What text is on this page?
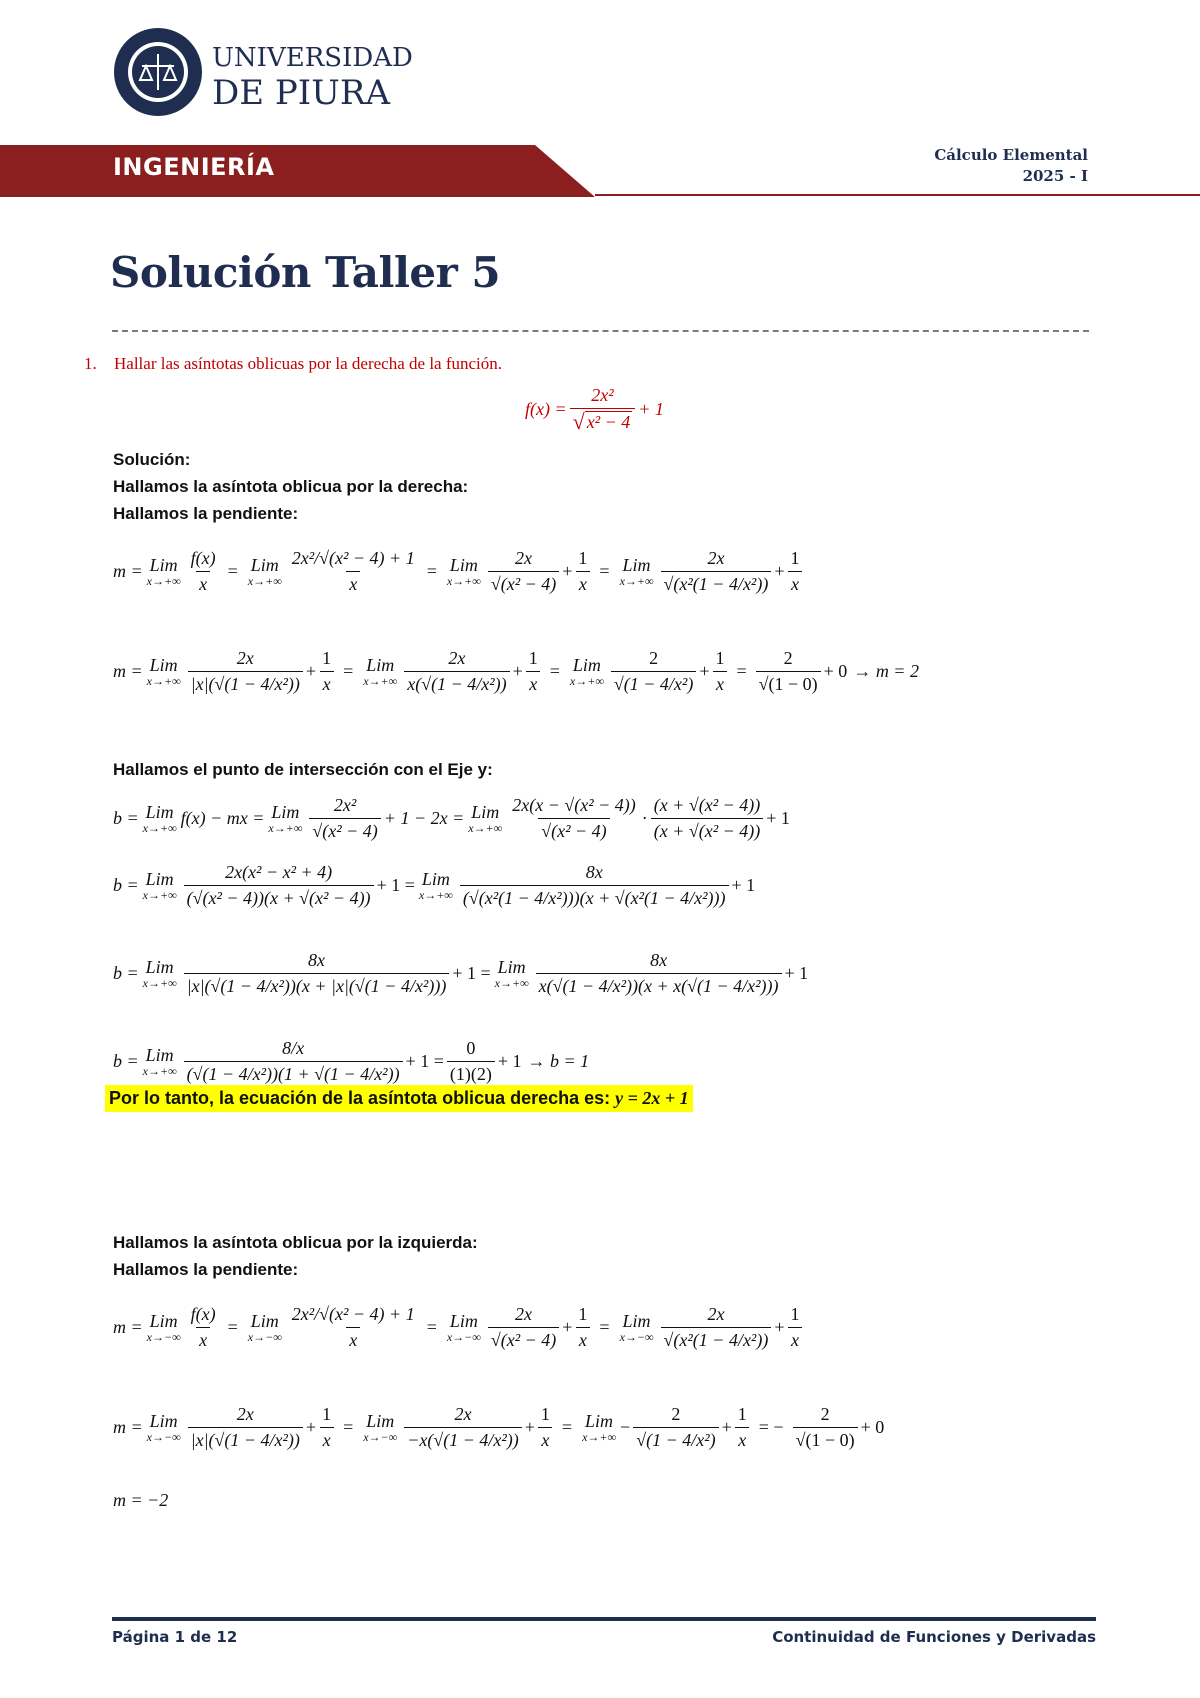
UNIVERSIDAD
DE PIURA
INGENIERÍA	Cálculo Elemental
2025 - I
Solución Taller 5
1. Hallar las asíntotas oblicuas por la derecha de la función.
$f(x) = \frac{\text{2x²}}{\text{√ x² − 4}} + 1$
Solución:
Hallamos la asíntota oblicua por la derecha:
Hallamos la pendiente:
m = Lim
$x\to+\infty \frac{f(x)}{x}$ = Lim
$x\to+\infty \frac{\text{2x²/√(x² − 4) + 1}}{x}$ = Lim
$x\to+\infty \frac{2x}{\text{√(x² − 4)}} + \frac{1}{x}$ = Lim
$x\to+\infty \frac{2x}{\text{√(x²(1 − 4/x²))}} + \frac{1}{x}$
m = Lim
$x\to+\infty \frac{2x}{\text{|x|(√(1 − 4/x²))}} + \frac{1}{x}$ = Lim
$x\to+\infty \frac{2x}{\text{x(√(1 − 4/x²))}} + \frac{1}{x}$ = Lim
$x\to+\infty \frac{2}{\text{√(1 − 4/x²)}} + \frac{1}{x} = \frac{2}{√(1 - 0)} + 0 \to m = 2$
Hallamos el punto de intersección con el Eje y:
b = Lim
x→+∞ f(x) − mx = Lim
$x\to+\infty \frac{\text{2x²}}{\text{√(x² − 4)}} + 1 - 2x$ = Lim
$x\to+\infty \frac{\text{2x(x − √(x² − 4))}}{\text{√(x² − 4)}} \cdot \frac{\text{(x + √(x² − 4))}}{\text{(x + √(x² − 4))}} + 1$
b = Lim
$x\to+\infty \frac{\text{2x(x² − x² + 4)}}{\text{(√(x² − 4))(x + √(x² − 4))}} + 1$ = Lim
$x\to+\infty \frac{8x}{\text{(√(x²(1 − 4/x²)))(x + √(x²(1 − 4/x²)))}} + 1$
b = Lim
$x\to+\infty \frac{8x}{\text{|x|(√(1 − 4/x²))(x + |x|(√(1 − 4/x²)))}} + 1$ = Lim
$x\to+\infty \frac{8x}{\text{x(√(1 − 4/x²))(x + x(√(1 − 4/x²)))}} + 1$
b = Lim
$x\to+\infty \frac{8/x}{\text{(√(1 − 4/x²))(1 + √(1 − 4/x²))}} + 1 = \frac{0}{(1)(2)} + 1 \to b = 1$
Por lo tanto, la ecuación de la asíntota oblicua derecha es: y = 2x + 1
Hallamos la asíntota oblicua por la izquierda:
Hallamos la pendiente:
m = Lim
$x\to-\infty \frac{f(x)}{x}$ = Lim
$x\to-\infty \frac{\text{2x²/√(x² − 4) + 1}}{x}$ = Lim
$x\to-\infty \frac{2x}{\text{√(x² − 4)}} + \frac{1}{x}$ = Lim
$x\to-\infty \frac{2x}{\text{√(x²(1 − 4/x²))}} + \frac{1}{x}$
m = Lim
$x\to-\infty \frac{2x}{\text{|x|(√(1 − 4/x²))}} + \frac{1}{x}$ = Lim
$x\to-\infty \frac{2x}{\text{−x(√(1 − 4/x²))}} + \frac{1}{x}$ = Lim
$x\to+\infty - \frac{2}{\text{√(1 − 4/x²)}} + \frac{1}{x}$ = − $\frac{2}{√(1 - 0)} + 0$
m = −2
Página 1 de 12	Continuidad de Funciones y Derivadas
